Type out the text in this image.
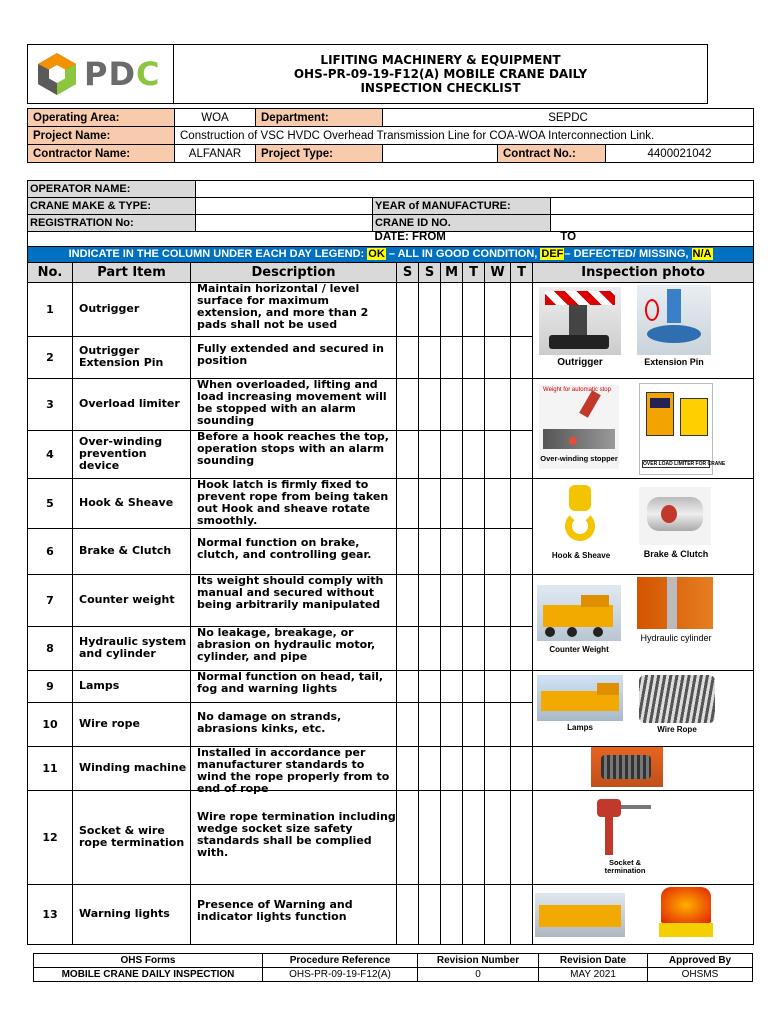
PDC	LIFITING MACHINERY & EQUIPMENT
OHS-PR-09-19-F12(A) MOBILE CRANE DAILY
INSPECTION CHECKLIST
Operating Area:	WOA	Department:	SEPDC		
Project Name:	Construction of VSC HVDC Overhead Transmission Line for COA-WOA Interconnection Link.				
Contractor Name:	ALFANAR	Project Type:		Contract No.:	4400021042
OPERATOR NAME:			
CRANE MAKE & TYPE:		YEAR of MANUFACTURE:	
REGISTRATION No:		CRANE ID NO.	
			DATE: FROM TO						
INDICATE IN THE COLUMN UNDER EACH DAY LEGEND: OK – ALL IN GOOD CONDITION, DEF– DEFECTED/ MISSING, N/A									
No.	Part Item	Description	S	S	M	T	W	T	Inspection photo
1	Outrigger	Maintain horizontal / level surface for maximum extension, and more than 2 pads shall not be used							Outrigger Extension Pin

2	Outrigger Extension Pin	Fully extended and secured in position							
3	Overload limiter	When overloaded, lifting and load increasing movement will be stopped with an alarm sounding							Weight for automatic stop
Over-winding stopper
OVER LOAD LIMITER FOR CRANE

4	Over-winding prevention device	Before a hook reaches the top, operation stops with an alarm sounding							
5	Hook & Sheave	Hook latch is firmly fixed to prevent rope from being taken out Hook and sheave rotate smoothly.							Hook & Sheave Brake & Clutch

6	Brake & Clutch	Normal function on brake, clutch, and controlling gear.							
7	Counter weight	Its weight should comply with manual and secured without being arbitrarily manipulated							Counter Weight
Hydraulic cylinder

8	Hydraulic system and cylinder	No leakage, breakage, or abrasion on hydraulic motor, cylinder, and pipe							
9	Lamps	Normal function on head, tail, fog and warning lights							Lamps Wire Rope

10	Wire rope	No damage on strands, abrasions kinks, etc.							
11	Winding machine	Installed in accordance per manufacturer standards to wind the rope properly from to end of rope							

12	Socket & wire rope termination	Wire rope termination including wedge socket size safety standards shall be complied with.							Socket & termination

13	Warning lights	Presence of Warning and indicator lights function							
OHS Forms	Procedure Reference	Revision Number	Revision Date	Approved By
MOBILE CRANE DAILY INSPECTION	OHS-PR-09-19-F12(A)	0	MAY 2021	OHSMS
